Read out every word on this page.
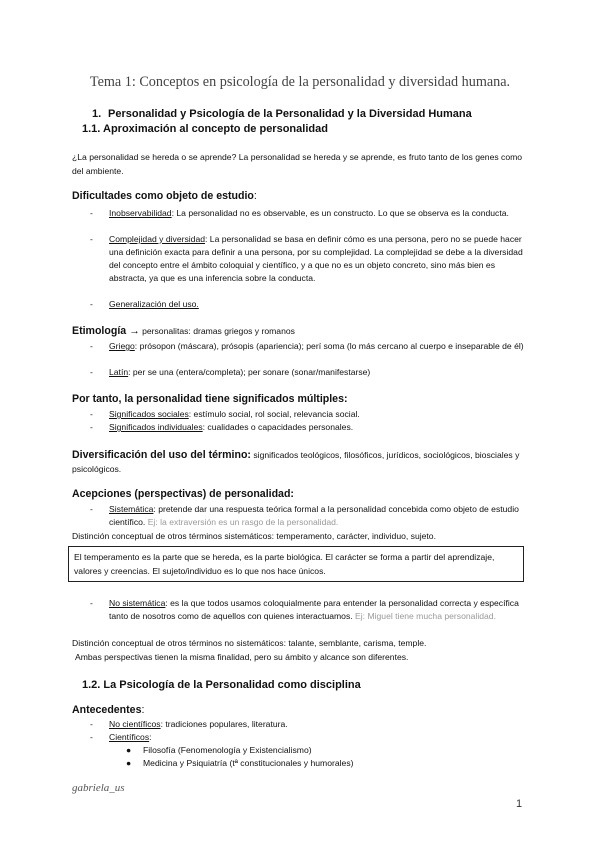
Tema 1: Conceptos en psicología de la personalidad y diversidad humana.
1. Personalidad y Psicología de la Personalidad y la Diversidad Humana
1.1. Aproximación al concepto de personalidad
¿La personalidad se hereda o se aprende? La personalidad se hereda y se aprende, es fruto tanto de los genes como del ambiente.
Dificultades como objeto de estudio:
- Inobservabilidad: La personalidad no es observable, es un constructo. Lo que se observa es la conducta.
- Complejidad y diversidad: La personalidad se basa en definir cómo es una persona, pero no se puede hacer una definición exacta para definir a una persona, por su complejidad. La complejidad se debe a la diversidad del concepto entre el ámbito coloquial y científico, y a que no es un objeto concreto, sino más bien es abstracta, ya que es una inferencia sobre la conducta.
- Generalización del uso.
Etimología → personalitas: dramas griegos y romanos
- Griego: prósopon (máscara), prósopis (apariencia); perí soma (lo más cercano al cuerpo e inseparable de él)
- Latín: per se una (entera/completa); per sonare (sonar/manifestarse)
Por tanto, la personalidad tiene significados múltiples:
- Significados sociales: estímulo social, rol social, relevancia social.
- Significados individuales: cualidades o capacidades personales.
Diversificación del uso del término: significados teológicos, filosóficos, jurídicos, sociológicos, biosciales y psicológicos.
Acepciones (perspectivas) de personalidad:
- Sistemática: pretende dar una respuesta teórica formal a la personalidad concebida como objeto de estudio científico. Ej: la extraversión es un rasgo de la personalidad.
Distinción conceptual de otros términos sistemáticos: temperamento, carácter, individuo, sujeto.
El temperamento es la parte que se hereda, es la parte biológica. El carácter se forma a partir del aprendizaje, valores y creencias. El sujeto/individuo es lo que nos hace únicos.
- No sistemática: es la que todos usamos coloquialmente para entender la personalidad correcta y específica tanto de nosotros como de aquellos con quienes interactuamos. Ej: Miguel tiene mucha personalidad.
Distinción conceptual de otros términos no sistemáticos: talante, semblante, carisma, temple.
Ambas perspectivas tienen la misma finalidad, pero su ámbito y alcance son diferentes.
1.2. La Psicología de la Personalidad como disciplina
Antecedentes:
- No científicos: tradiciones populares, literatura.
- Científicos:
● Filosofía (Fenomenología y Existencialismo)
● Medicina y Psiquiatría (tª constitucionales y humorales)
gabriela_us
1
